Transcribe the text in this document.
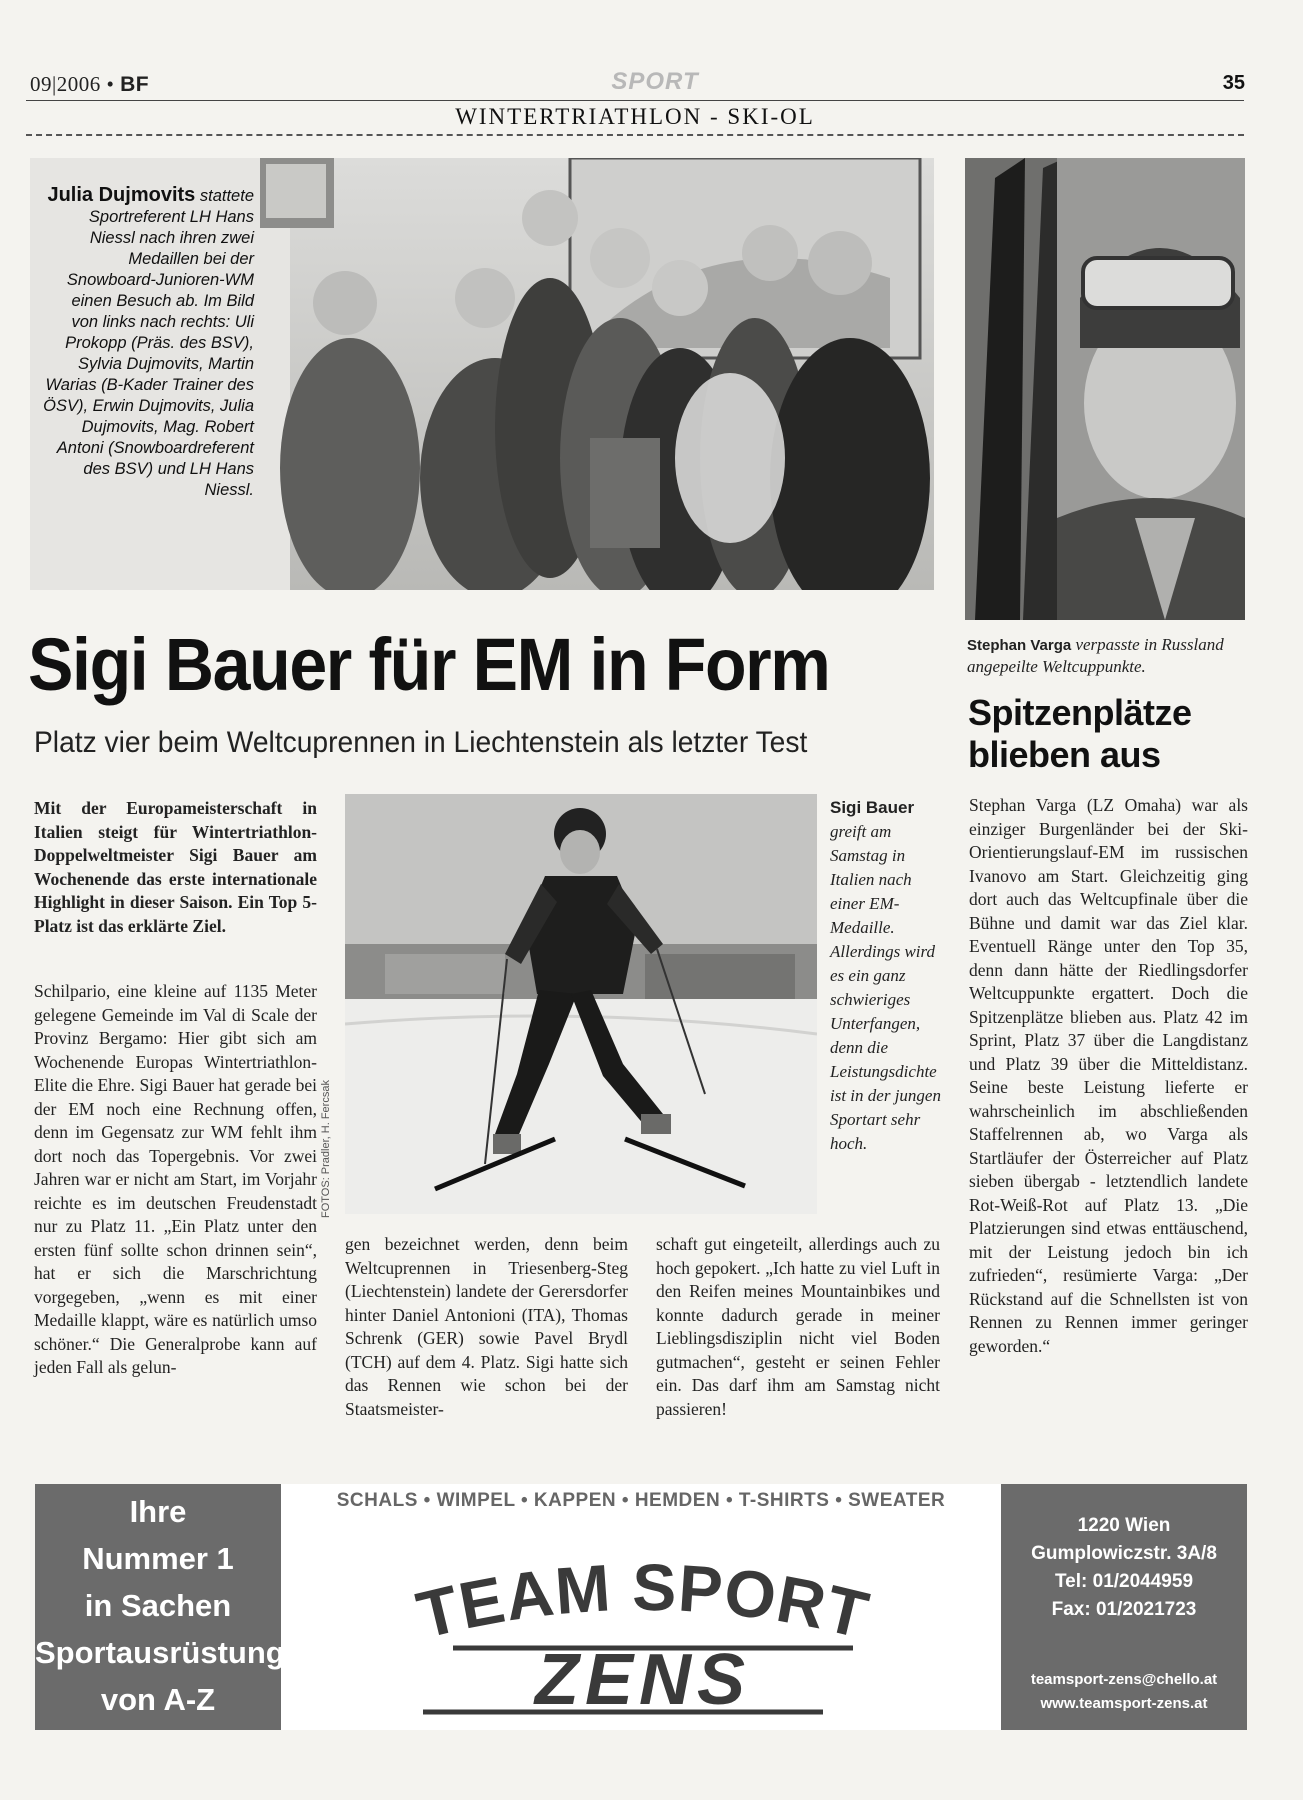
09|2006 • BF	SPORT	35
WINTERTRIATHLON - SKI-OL
Julia Dujmovits stattete Sportreferent LH Hans Niessl nach ihren zwei Medaillen bei der Snowboard-Junioren-WM einen Besuch ab. Im Bild von links nach rechts: Uli Prokopp (Präs. des BSV), Sylvia Dujmovits, Martin Warias (B-Kader Trainer des ÖSV), Erwin Dujmovits, Julia Dujmovits, Mag. Robert Antoni (Snowboardreferent des BSV) und LH Hans Niessl.
Stephan Varga verpasste in Russland angepeilte Weltcuppunkte.
Sigi Bauer für EM in Form
Platz vier beim Weltcuprennen in Liechtenstein als letzter Test
Spitzenplätze blieben aus
Mit der Europameisterschaft in Italien steigt für Wintertriathlon-Doppelweltmeister Sigi Bauer am Wochenende das erste internationale Highlight in dieser Saison. Ein Top 5-Platz ist das erklärte Ziel.
Schilpario, eine kleine auf 1135 Meter gelegene Gemeinde im Val di Scale der Provinz Bergamo: Hier gibt sich am Wochenende Europas Wintertriathlon-Elite die Ehre. Sigi Bauer hat gerade bei der EM noch eine Rechnung offen, denn im Gegensatz zur WM fehlt ihm dort noch das Topergebnis. Vor zwei Jahren war er nicht am Start, im Vorjahr reichte es im deutschen Freudenstadt nur zu Platz 11. „Ein Platz unter den ersten fünf sollte schon drinnen sein“, hat er sich die Marschrichtung vorgegeben, „wenn es mit einer Medaille klappt, wäre es natürlich umso schöner.“ Die Generalprobe kann auf jeden Fall als gelun-
FOTOS: Pradler, H. Fercsak
Sigi Bauer
greift am Samstag in Italien nach einer EM-Medaille. Allerdings wird es ein ganz schwieriges Unterfangen, denn die Leistungsdichte ist in der jungen Sportart sehr hoch.
gen bezeichnet werden, denn beim Weltcuprennen in Triesenberg-Steg (Liechtenstein) landete der Gerersdorfer hinter Daniel Antonioni (ITA), Thomas Schrenk (GER) sowie Pavel Brydl (TCH) auf dem 4. Platz. Sigi hatte sich das Rennen wie schon bei der Staatsmeister-
schaft gut eingeteilt, allerdings auch zu hoch gepokert. „Ich hatte zu viel Luft in den Reifen meines Mountainbikes und konnte dadurch gerade in meiner Lieblingsdisziplin nicht viel Boden gutmachen“, gesteht er seinen Fehler ein. Das darf ihm am Samstag nicht passieren!
Stephan Varga (LZ Omaha) war als einziger Burgenländer bei der Ski-Orientierungslauf-EM im russischen Ivanovo am Start. Gleichzeitig ging dort auch das Weltcupfinale über die Bühne und damit war das Ziel klar. Eventuell Ränge unter den Top 35, denn dann hätte der Riedlingsdorfer Weltcuppunkte ergattert. Doch die Spitzenplätze blieben aus. Platz 42 im Sprint, Platz 37 über die Langdistanz und Platz 39 über die Mitteldistanz. Seine beste Leistung lieferte er wahrscheinlich im abschließenden Staffelrennen ab, wo Varga als Startläufer der Österreicher auf Platz sieben übergab - letztendlich landete Rot-Weiß-Rot auf Platz 13. „Die Platzierungen sind etwas enttäuschend, mit der Leistung jedoch bin ich zufrieden“, resümierte Varga: „Der Rückstand auf die Schnellsten ist von Rennen zu Rennen immer geringer geworden.“
Ihre
Nummer 1
in Sachen
Sportausrüstung
von A-Z
SCHALS • WIMPEL • KAPPEN • HEMDEN • T-SHIRTS • SWEATER
TEAM SPORT
ZENS
1220 Wien
Gumplowiczstr. 3A/8
Tel: 01/2044959
Fax: 01/2021723
teamsport-zens@chello.at
www.teamsport-zens.at
